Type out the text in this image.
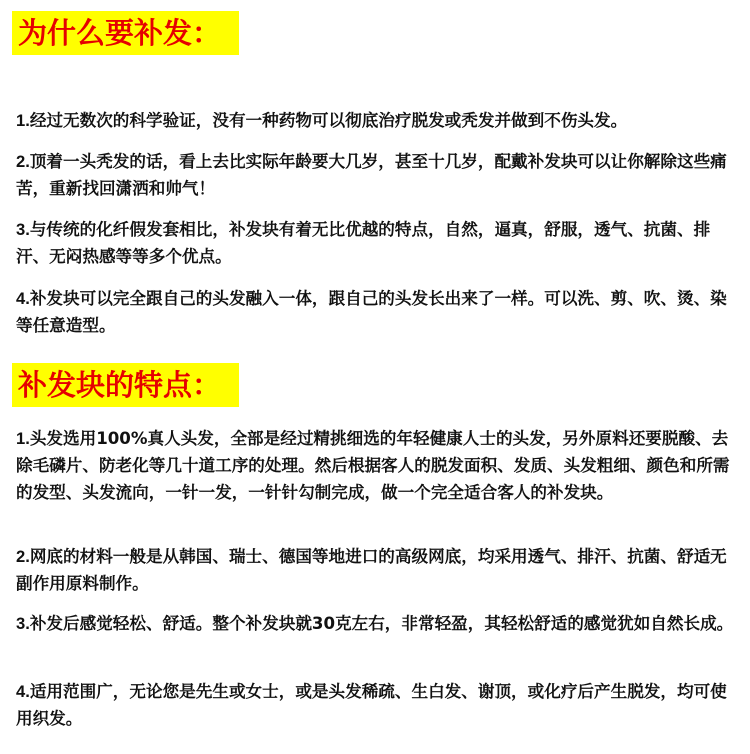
为什么要补发：

1.经过无数次的科学验证，没有一种药物可以彻底治疗脱发或秃发并做到不伤头发。

2.顶着一头秃发的话，看上去比实际年龄要大几岁，甚至十几岁，配戴补发块可以让你解除这些痛苦，重新找回潇洒和帅气！

3.与传统的化纤假发套相比，补发块有着无比优越的特点，自然，逼真，舒服，透气、抗菌、排汗、无闷热感等等多个优点。

4.补发块可以完全跟自己的头发融入一体，跟自己的头发长出来了一样。可以洗、剪、吹、烫、染等任意造型。

补发块的特点：

1.头发选用100%真人头发，全部是经过精挑细选的年轻健康人士的头发，另外原料还要脱酸、去除毛磷片、防老化等几十道工序的处理。然后根据客人的脱发面积、发质、头发粗细、颜色和所需的发型、头发流向，一针一发，一针针勾制完成，做一个完全适合客人的补发块。

2.网底的材料一般是从韩国、瑞士、德国等地进口的高级网底，均采用透气、排汗、抗菌、舒适无副作用原料制作。

3.补发后感觉轻松、舒适。整个补发块就30克左右，非常轻盈，其轻松舒适的感觉犹如自然长成。

4.适用范围广，无论您是先生或女士，或是头发稀疏、生白发、谢顶，或化疗后产生脱发，均可使用织发。
